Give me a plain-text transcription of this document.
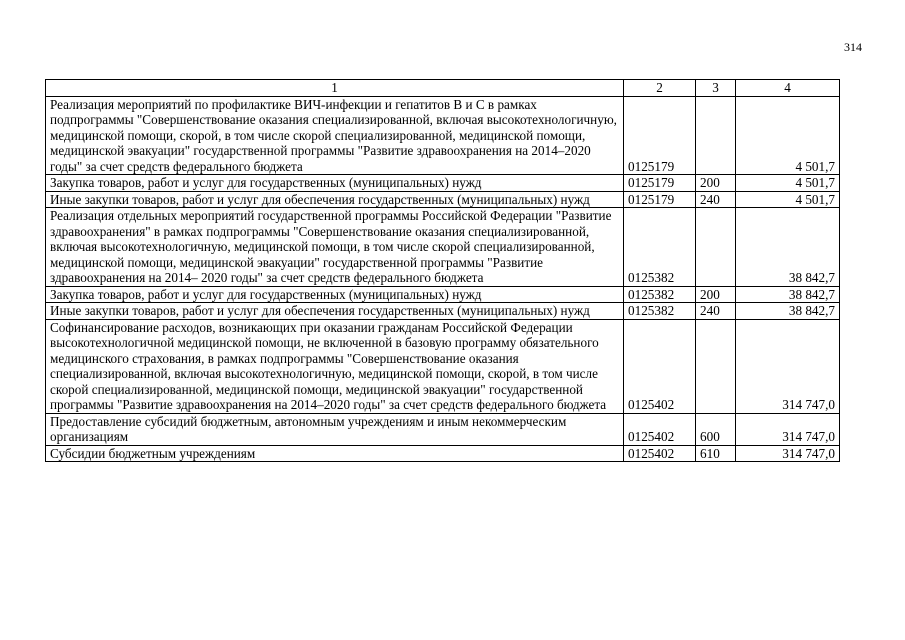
314
1	2	3	4
Реализация мероприятий по профилактике ВИЧ-инфекции и гепатитов В и С в рамках подпрограммы "Совершенствование оказания специализированной, включая высокотехнологичную, медицинской помощи, скорой, в том числе скорой специализированной, медицинской помощи, медицинской эвакуации" государственной программы "Развитие здравоохранения на 2014–2020 годы" за счет средств федерального бюджета	0125179		4 501,7
Закупка товаров, работ и услуг для государственных (муниципальных) нужд	0125179	200	4 501,7
Иные закупки товаров, работ и услуг для обеспечения государственных (муниципальных) нужд	0125179	240	4 501,7
Реализация отдельных мероприятий государственной программы Российской Федерации "Развитие здравоохранения" в рамках подпрограммы "Совершенствование оказания специализированной, включая высокотехнологичную, медицинской помощи, в том числе скорой специализированной, медицинской помощи, медицинской эвакуации" государственной программы "Развитие здравоохранения на 2014– 2020 годы" за счет средств федерального бюджета	0125382		38 842,7
Закупка товаров, работ и услуг для государственных (муниципальных) нужд	0125382	200	38 842,7
Иные закупки товаров, работ и услуг для обеспечения государственных (муниципальных) нужд	0125382	240	38 842,7
Софинансирование расходов, возникающих при оказании гражданам Российской Федерации высокотехнологичной медицинской помощи, не включенной в базовую программу обязательного медицинского страхования, в рамках подпрограммы "Совершенствование оказания специализированной, включая высокотехнологичную, медицинской помощи, скорой, в том числе скорой специализированной, медицинской помощи, медицинской эвакуации" государственной программы "Развитие здравоохранения на 2014–2020 годы" за счет средств федерального бюджета	0125402		314 747,0
Предоставление субсидий бюджетным, автономным учреждениям и иным некоммерческим организациям	0125402	600	314 747,0
Субсидии бюджетным учреждениям	0125402	610	314 747,0
